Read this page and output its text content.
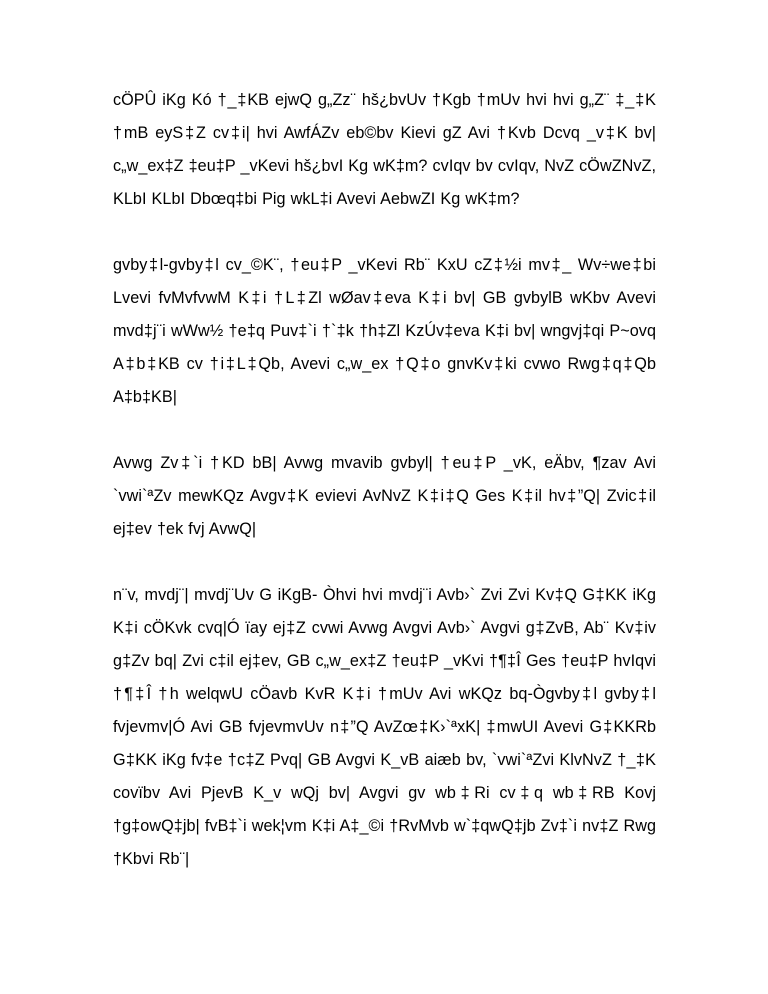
cÖPÛ iKg Kó †_‡KB ejwQ g„Zz¨ hš¿bvUv †Kgb †mUv hvi hvi g„Z¨ ‡_‡K †mB eyS‡Z cv‡i| hvi AwfÁZv eb©bv Kievi gZ Avi †Kvb Dcvq _v‡K bv| c„w_ex‡Z ‡eu‡P _vKevi hš¿bvI Kg wK‡m? cvIqv bv cvIqv, NvZ cÖwZNvZ, KLbI KLbI Dbœq‡bi Pig wkL‡i Avevi AebwZI Kg wK‡m?

gvby‡l-gvby‡l cv_©K¨, †eu‡P _vKevi Rb¨ KxU cZ‡½i mv‡_ Wv÷we‡bi Lvevi fvMvfvwM K‡i †L‡Zl wØav‡eva K‡i bv| GB gvbylB wKbv Avevi mvd‡j¨i wWw½ †e‡q Puv‡`i †`‡k †h‡Zl KzÚv‡eva K‡i bv| wngvj‡qi P~ovq A‡b‡KB cv †i‡L‡Qb, Avevi c„w_ex †Q‡o gnvKv‡ki cvwo Rwg‡q‡Qb A‡b‡KB|

Avwg Zv‡`i †KD bB| Avwg mvavib gvbyl| †eu‡P _vK, eÄbv, ¶zav Avi `vwi`ªZv mewKQz Avgv‡K evievi AvNvZ K‡i‡Q Ges K‡il hv‡”Q| Zvic‡il ej‡ev †ek fvj AvwQ|

n¨v, mvdj¨| mvdj¨Uv G iKgB- Òhvi hvi mvdj¨i Avb›` Zvi Zvi Kv‡Q G‡KK iKg K‡i cÖKvk cvq|Ó ïay ej‡Z cvwi Avwg Avgvi Avb›` Avgvi g‡ZvB, Ab¨ Kv‡iv g‡Zv bq| Zvi c‡il ej‡ev, GB c„w_ex‡Z †eu‡P _vKvi †¶‡Î Ges †eu‡P hvIqvi †¶‡Î †h welqwU cÖavb KvR K‡i †mUv Avi wKQz bq-Ògvby‡l gvby‡l fvjevmv|Ó Avi GB fvjevmvUv n‡”Q AvZœ‡K›`ªxK| ‡mwUI Avevi G‡KKRb G‡KK iKg fv‡e †c‡Z Pvq| GB Avgvi K_vB aiæb bv, `vwi`ªZvi KlvNvZ †_‡K covïbv Avi PjevB K_v wQj bv| Avgvi gv wb‡Ri cv‡q wb‡RB Kovj †g‡owQ‡jb| fvB‡`i wek¦vm K‡i A‡_©i †RvMvb w`‡qwQ‡jb Zv‡`i nv‡Z Rwg †Kbvi Rb¨|
